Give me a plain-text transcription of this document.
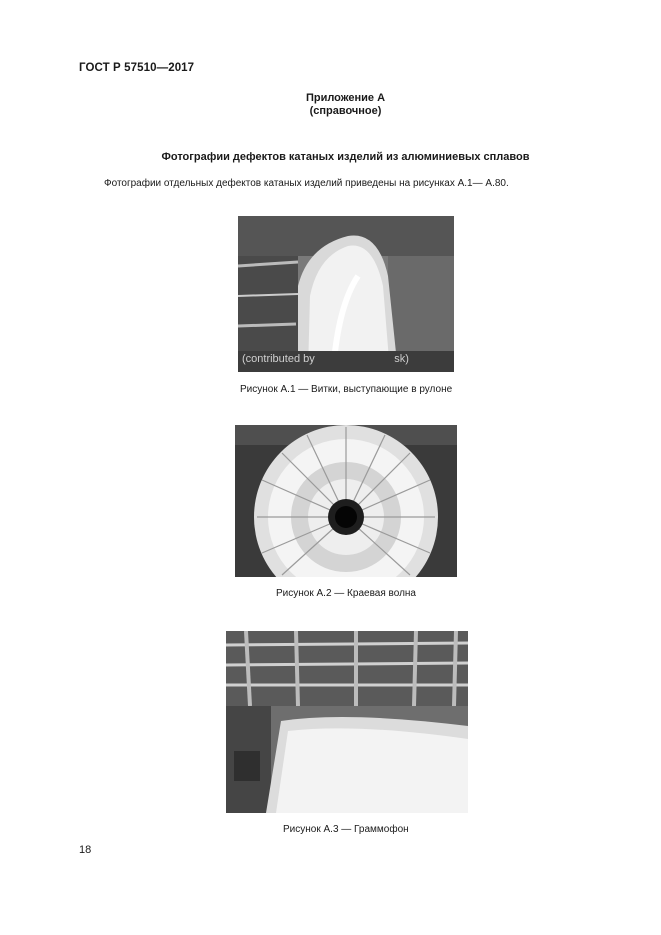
ГОСТ Р 57510—2017
Приложение А
(справочное)
Фотографии дефектов катаных изделий из алюминиевых сплавов
Фотографии отдельных дефектов катаных изделий приведены на рисунках А.1— А.80.
(contributed by                          sk)
Рисунок А.1 — Витки, выступающие в рулоне
Рисунок А.2 — Краевая волна
Рисунок А.3 — Граммофон
18
